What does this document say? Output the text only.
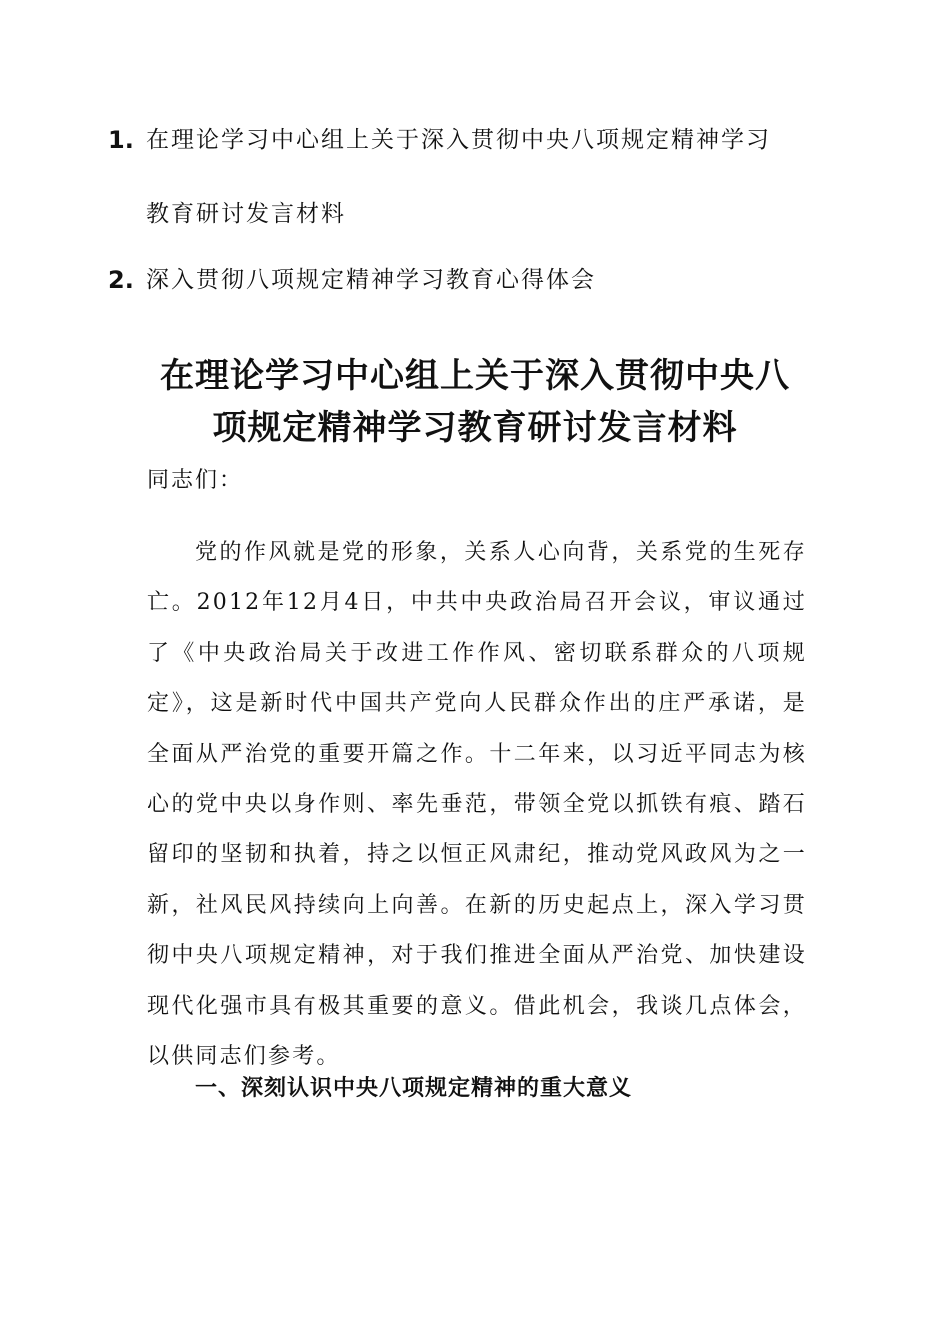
1. 在理论学习中心组上关于深入贯彻中央八项规定精神学习
教育研讨发言材料
2. 深入贯彻八项规定精神学习教育心得体会
在理论学习中心组上关于深入贯彻中央八
项规定精神学习教育研讨发言材料
同志们：

党的作风就是党的形象，关系人心向背，关系党的生死存亡。2012年12月4日，中共中央政治局召开会议，审议通过了《中央政治局关于改进工作作风、密切联系群众的八项规定》，这是新时代中国共产党向人民群众作出的庄严承诺，是全面从严治党的重要开篇之作。十二年来，以习近平同志为核心的党中央以身作则、率先垂范，带领全党以抓铁有痕、踏石留印的坚韧和执着，持之以恒正风肃纪，推动党风政风为之一新，社风民风持续向上向善。在新的历史起点上，深入学习贯彻中央八项规定精神，对于我们推进全面从严治党、加快建设现代化强市具有极其重要的意义。借此机会，我谈几点体会，以供同志们参考。

一、深刻认识中央八项规定精神的重大意义
